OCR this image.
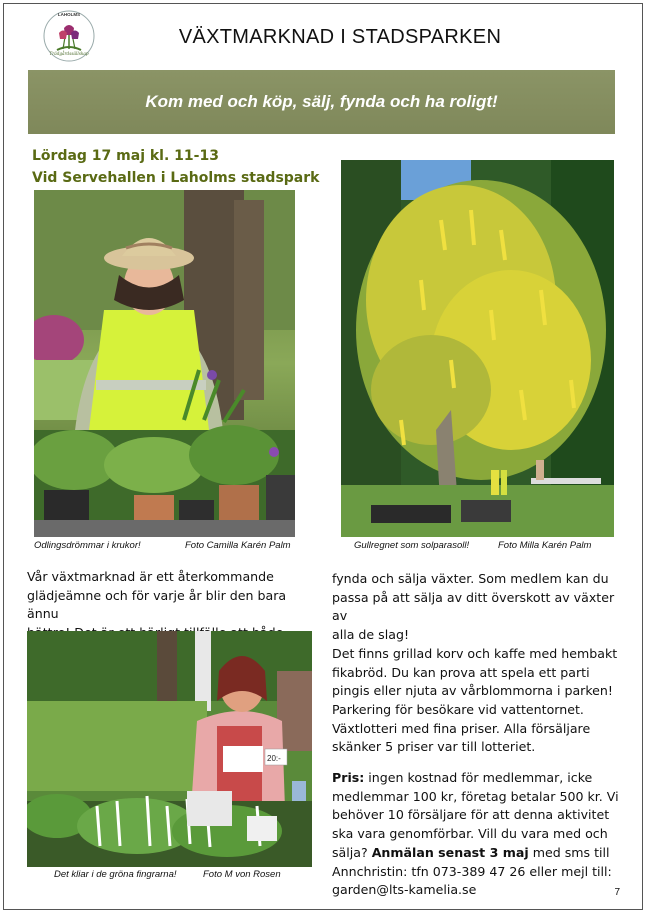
LAHOLMS
Trädgårdssällskap
VÄXTMARKNAD I STADSPARKEN
Kom med och köp, sälj, fynda och ha roligt!
Lördag 17 maj kl. 11-13
Vid Servehallen i Laholms stadspark
Odlingsdrömmar i krukor!	Foto Camilla Karén Palm	Gullregnet som solparasoll!	Foto Milla Karén Palm
Vår växtmarknad är ett återkommande
glädjeämne och för varje år blir den bara ännu
20:-
Det kliar i de gröna fingrarna!	Foto M von Rosen
fynda och sälja växter. Som medlem kan du
passa på att sälja av ditt överskott av växter av
alla de slag!
Det finns grillad korv och kaffe med hembakt
fikabröd. Du kan prova att spela ett parti
pingis eller njuta av vårblommorna i parken!
Parkering för besökare vid vattentornet.
Växtlotteri med fina priser. Alla försäljare
skänker 5 priser var till lotteriet.
Pris: ingen kostnad för medlemmar, icke
medlemmar 100 kr, företag betalar 500 kr. Vi
behöver 10 försäljare för att denna aktivitet
ska vara genomförbar. Vill du vara med och
sälja? Anmälan senast 3 maj med sms till
Annchristin: tfn 073-389 47 26 eller mejl till:
garden@lts-kamelia.se	7
